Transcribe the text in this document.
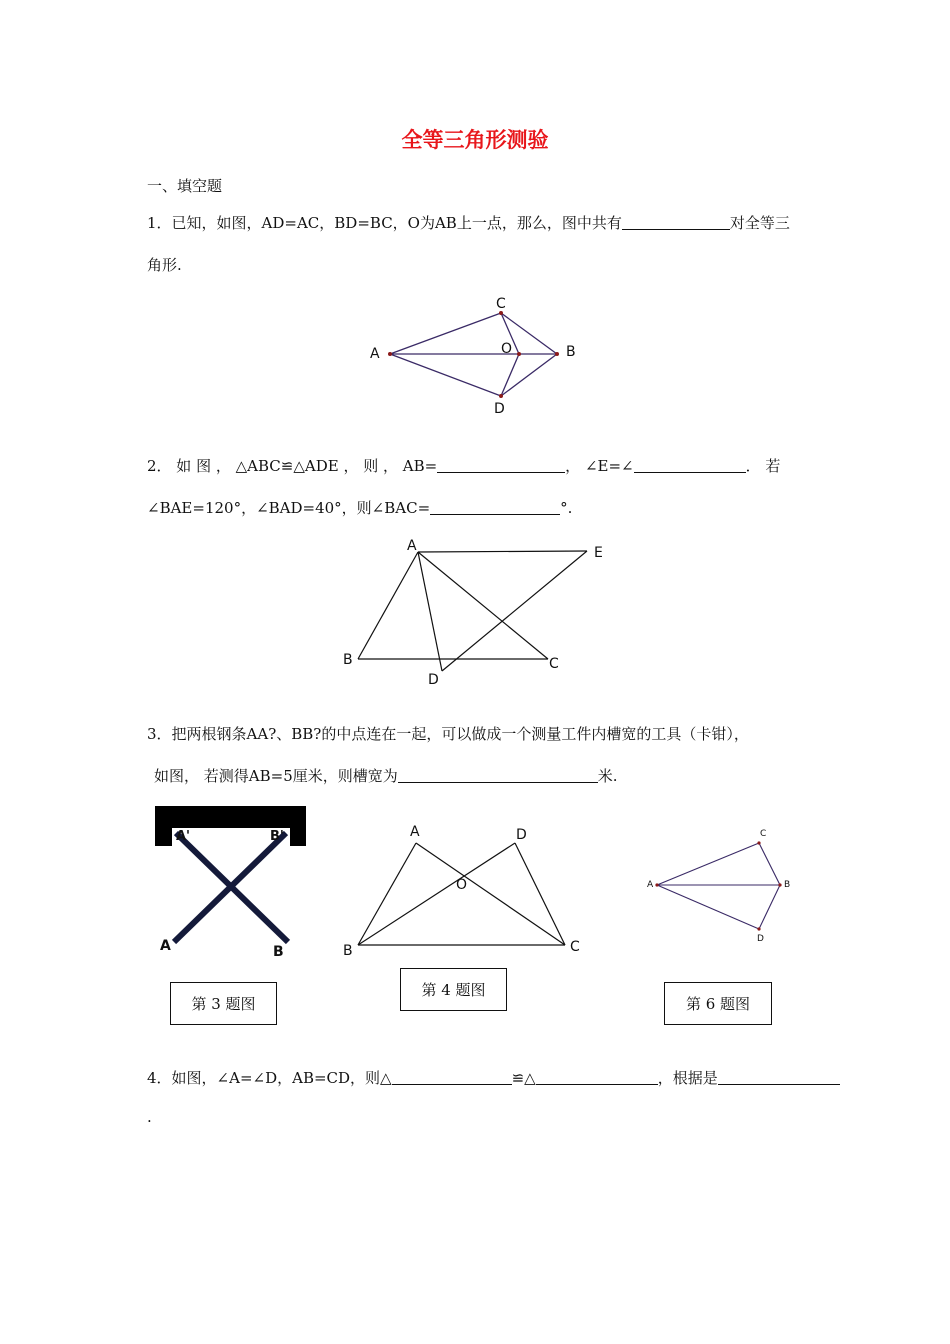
全等三角形测验
一、填空题
1．已知，如图，AD=AC，BD=BC，O为AB上一点，那么，图中共有	对全等三
角形.
A
C
O	B
D
2． 如 图 ， △ABC≌△ADE ， 则 ， AB=	， ∠E=∠	． 若
∠BAE=120°，∠BAD=40°，则∠BAC=	°.
A	E
B	C
D
3．把两根钢条AA?、BB?的中点连在一起，可以做成一个测量工件内槽宽的工具（卡钳），
如图， 若测得AB=5厘米，则槽宽为	米.
A'	B'
A	B
A	D
O
B	C
A
C
B
D
第 3 题图
第 4 题图
第 6 题图
4．如图，∠A=∠D，AB=CD，则△	≌△	，根据是
.
